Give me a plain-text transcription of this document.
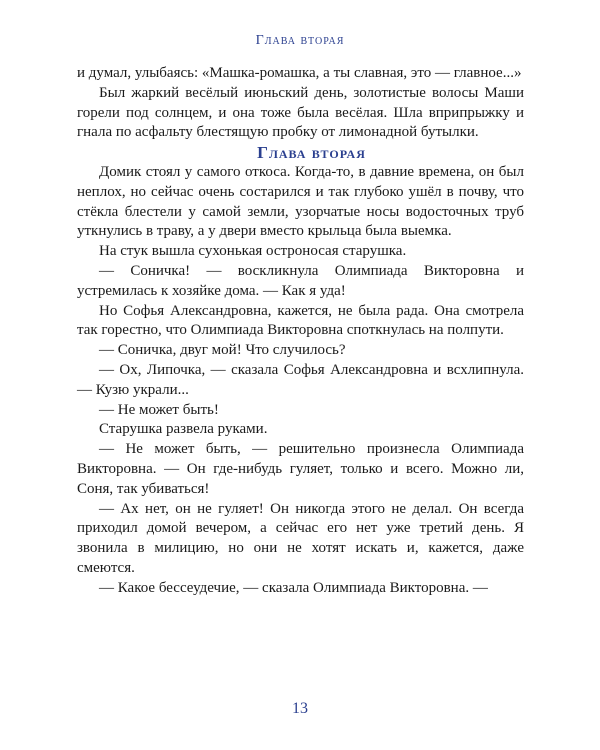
Глава вторая

и думал, улыбаясь: «Машка-ромашка, а ты славная, это — главное...»

Был жаркий весёлый июньский день, золотистые волосы Маши горели под солнцем, и она тоже была весёлая. Шла вприпрыжку и гнала по асфальту блестящую пробку от лимонадной бутылки.

Глава вторая

Домик стоял у самого откоса. Когда-то, в давние времена, он был неплох, но сейчас очень состарился и так глубоко ушёл в почву, что стёкла блестели у самой земли, узорчатые носы водосточных труб уткнулись в траву, а у двери вместо крыльца была выемка.

На стук вышла сухонькая остроносая старушка.

— Соничка! — воскликнула Олимпиада Викторовна и устремилась к хозяйке дома. — Как я уда!

Но Софья Александровна, кажется, не была рада. Она смотрела так горестно, что Олимпиада Викторовна споткнулась на полпути.

— Соничка, двуг мой! Что случилось?

— Ох, Липочка, — сказала Софья Александровна и всхлипнула. — Кузю украли...

— Не может быть!

Старушка развела руками.

— Не может быть, — решительно произнесла Олимпиада Викторовна. — Он где-нибудь гуляет, только и всего. Можно ли, Соня, так убиваться!

— Ах нет, он не гуляет! Он никогда этого не делал. Он всегда приходил домой вечером, а сейчас его нет уже третий день. Я звонила в милицию, но они не хотят искать и, кажется, даже смеются.

— Какое бессеудечие, — сказала Олимпиада Викторовна. —

13
